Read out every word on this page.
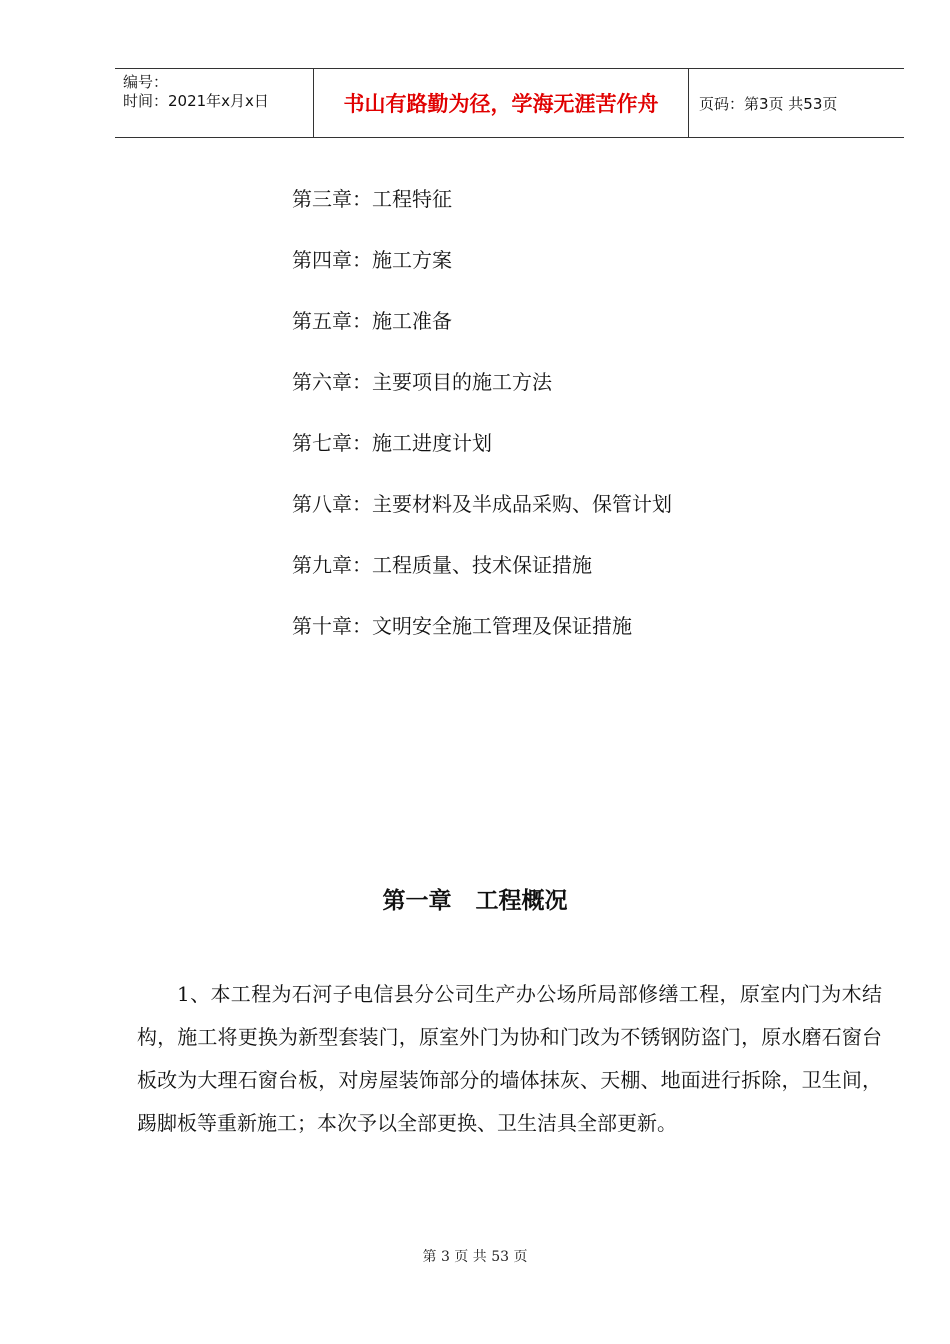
编号：
时间：2021年x月x日	书山有路勤为径，学海无涯苦作舟	页码：第3页 共53页
第三章：工程特征
第四章：施工方案
第五章：施工准备
第六章：主要项目的施工方法
第七章：施工进度计划
第八章：主要材料及半成品采购、保管计划
第九章：工程质量、技术保证措施
第十章：文明安全施工管理及保证措施
第一章   工程概况

1、本工程为石河子电信县分公司生产办公场所局部修缮工程，原室内门为木结构，施工将更换为新型套装门，原室外门为协和门改为不锈钢防盗门，原水磨石窗台板改为大理石窗台板，对房屋装饰部分的墙体抹灰、天棚、地面进行拆除，卫生间，踢脚板等重新施工；本次予以全部更换、卫生洁具全部更新。

第 3 页 共 53 页
